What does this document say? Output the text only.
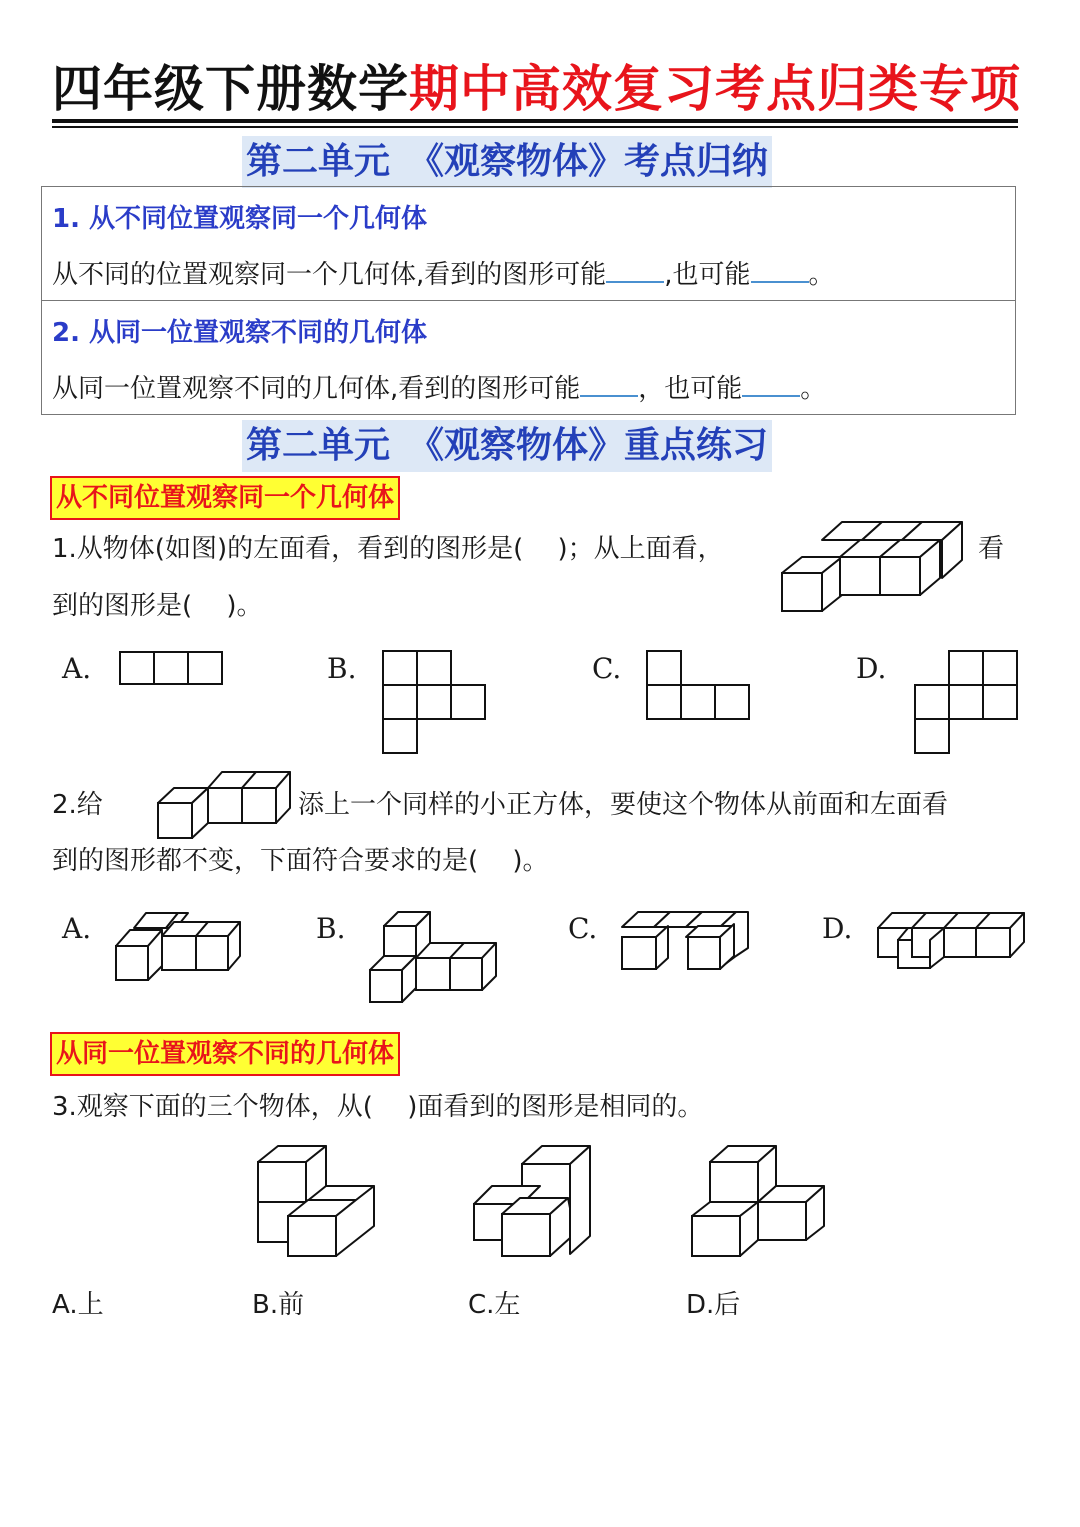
四年级下册数学期中高效复习考点归类专项
第二单元　《观察物体》考点归纳
1. 从不同位置观察同一个几何体
从不同的位置观察同一个几何体,看到的图形可能 ,也可能 。
2. 从同一位置观察不同的几何体
从同一位置观察不同的几何体,看到的图形可能 ，也可能 。
第二单元　《观察物体》重点练习
从不同位置观察同一个几何体
1.从物体(如图)的左面看，看到的图形是(　 )；从上面看，	看
到的图形是(　 )。
A.	B.	C.	D.
2.给	添上一个同样的小正方体，要使这个物体从前面和左面看
到的图形都不变，下面符合要求的是(　 )。
A.	B.	C.	D.
从同一位置观察不同的几何体
3.观察下面的三个物体，从(　 )面看到的图形是相同的。
A.上	B.前	C.左	D.后
